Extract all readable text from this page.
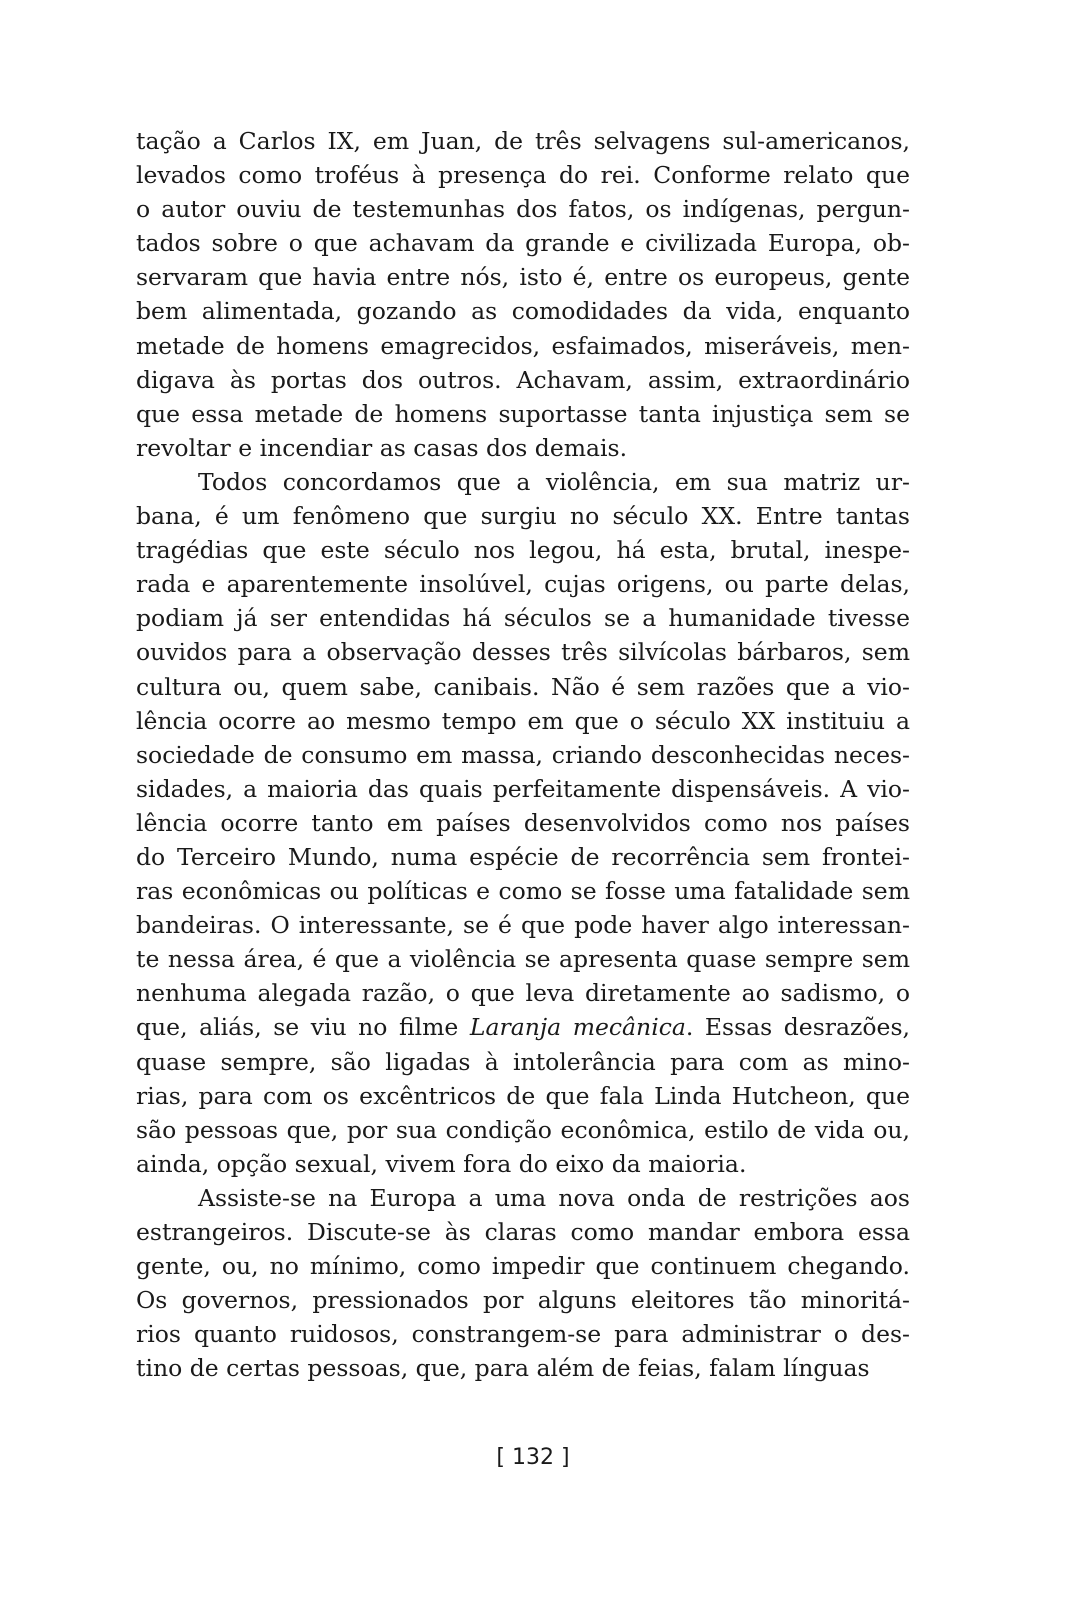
tação a Carlos IX, em Juan, de três selvagens sul-americanos,
levados como troféus à presença do rei. Conforme relato que
o autor ouviu de testemunhas dos fatos, os indígenas, pergun-
tados sobre o que achavam da grande e civilizada Europa, ob-
servaram que havia entre nós, isto é, entre os europeus, gente
bem alimentada, gozando as comodidades da vida, enquanto
metade de homens emagrecidos, esfaimados, miseráveis, men-
digava às portas dos outros. Achavam, assim, extraordinário
que essa metade de homens suportasse tanta injustiça sem se
revoltar e incendiar as casas dos demais.
Todos concordamos que a violência, em sua matriz ur-
bana, é um fenômeno que surgiu no século XX. Entre tantas
tragédias que este século nos legou, há esta, brutal, inespe-
rada e aparentemente insolúvel, cujas origens, ou parte delas,
podiam já ser entendidas há séculos se a humanidade tivesse
ouvidos para a observação desses três silvícolas bárbaros, sem
cultura ou, quem sabe, canibais. Não é sem razões que a vio-
lência ocorre ao mesmo tempo em que o século XX instituiu a
sociedade de consumo em massa, criando desconhecidas neces-
sidades, a maioria das quais perfeitamente dispensáveis. A vio-
lência ocorre tanto em países desenvolvidos como nos países
do Terceiro Mundo, numa espécie de recorrência sem frontei-
ras econômicas ou políticas e como se fosse uma fatalidade sem
bandeiras. O interessante, se é que pode haver algo interessan-
te nessa área, é que a violência se apresenta quase sempre sem
nenhuma alegada razão, o que leva diretamente ao sadismo, o
que, aliás, se viu no filme Laranja mecânica. Essas desrazões,
quase sempre, são ligadas à intolerância para com as mino-
rias, para com os excêntricos de que fala Linda Hutcheon, que
são pessoas que, por sua condição econômica, estilo de vida ou,
ainda, opção sexual, vivem fora do eixo da maioria.
Assiste-se na Europa a uma nova onda de restrições aos
estrangeiros. Discute-se às claras como mandar embora essa
gente, ou, no mínimo, como impedir que continuem chegando.
Os governos, pressionados por alguns eleitores tão minoritá-
rios quanto ruidosos, constrangem-se para administrar o des-
tino de certas pessoas, que, para além de feias, falam línguas
[ 132 ]
